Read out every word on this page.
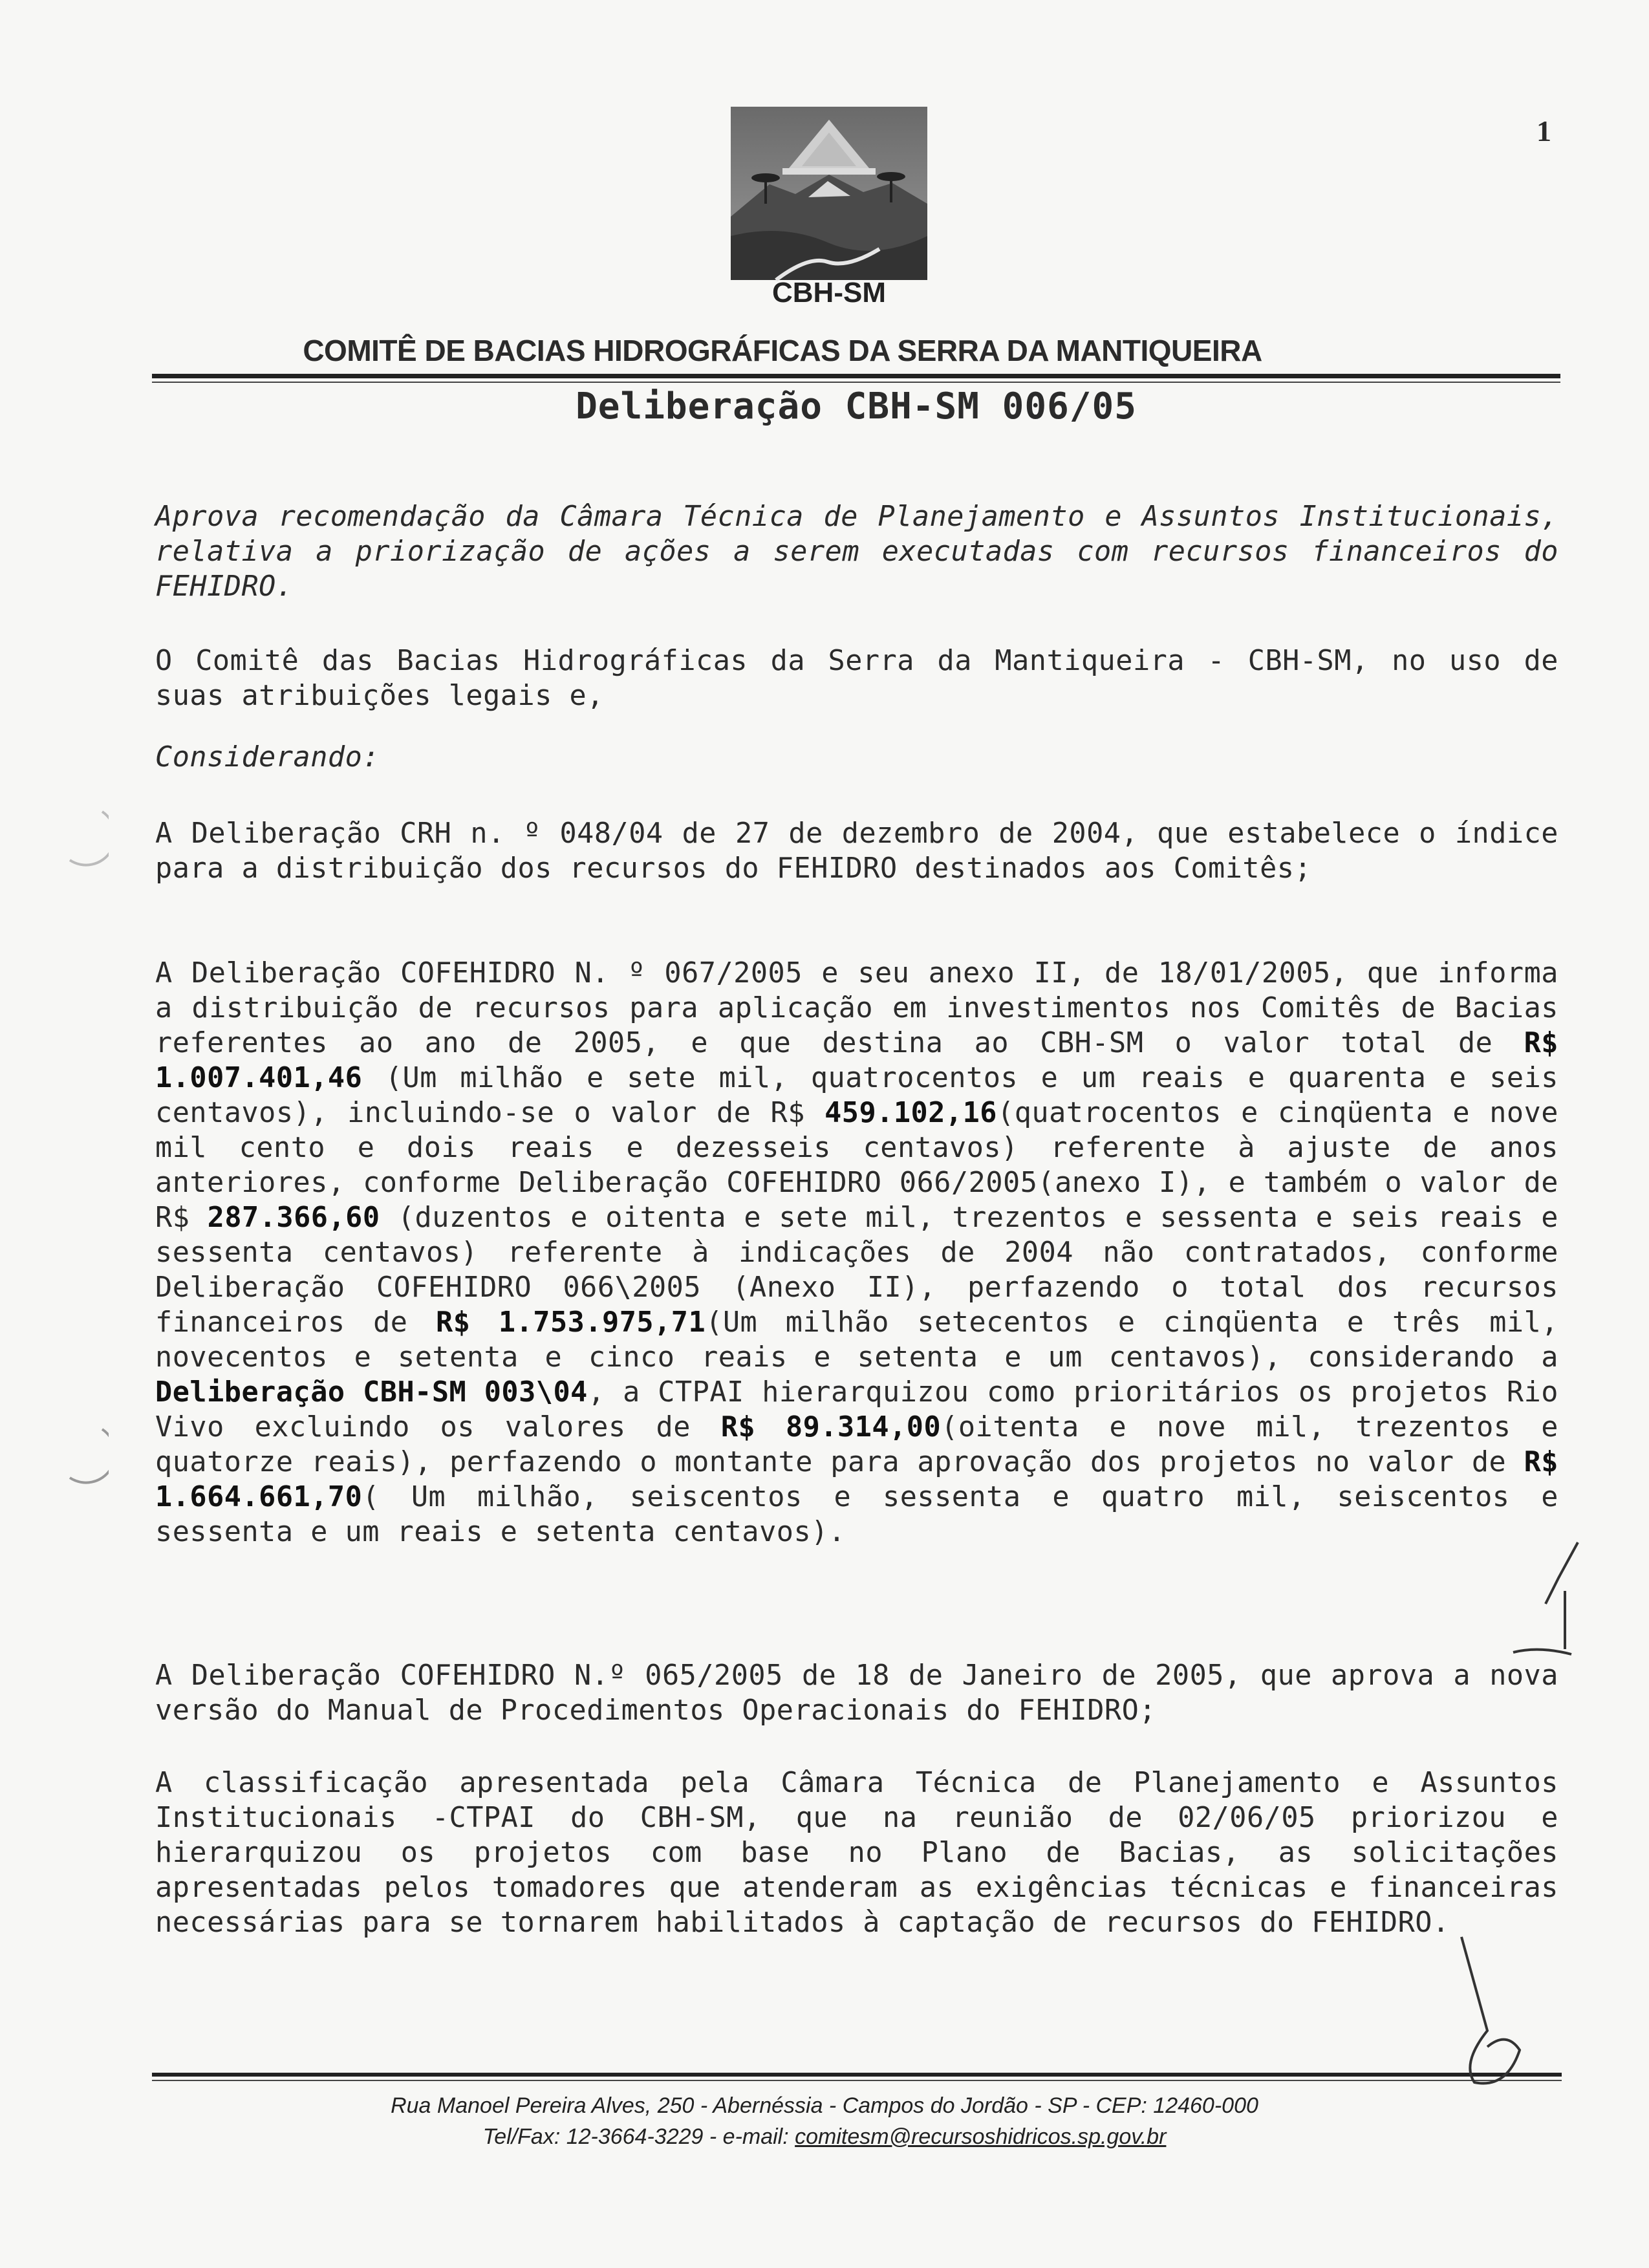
1
CBH-SM
COMITÊ DE BACIAS HIDROGRÁFICAS DA SERRA DA MANTIQUEIRA
Deliberação CBH-SM 006/05

Aprova recomendação da Câmara Técnica de Planejamento e Assuntos Institucionais, relativa a priorização de ações a serem executadas com recursos financeiros do FEHIDRO.

O Comitê das Bacias Hidrográficas da Serra da Mantiqueira - CBH-SM, no uso de suas atribuições legais e,

Considerando:

A Deliberação CRH n. º 048/04 de 27 de dezembro de 2004, que estabelece o índice para a distribuição dos recursos do FEHIDRO destinados aos Comitês;

A Deliberação COFEHIDRO N. º 067/2005 e seu anexo II, de 18/01/2005, que informa a distribuição de recursos para aplicação em investimentos nos Comitês de Bacias referentes ao ano de 2005, e que destina ao CBH-SM o valor total de R$ 1.007.401,46 (Um milhão e sete mil, quatrocentos e um reais e quarenta e seis centavos), incluindo-se o valor de R$ 459.102,16(quatrocentos e cinqüenta e nove mil cento e dois reais e dezesseis centavos) referente à ajuste de anos anteriores, conforme Deliberação COFEHIDRO 066/2005(anexo I), e também o valor de R$ 287.366,60 (duzentos e oitenta e sete mil, trezentos e sessenta e seis reais e sessenta centavos) referente à indicações de 2004 não contratados, conforme Deliberação COFEHIDRO 066\2005 (Anexo II), perfazendo o total dos recursos financeiros de R$ 1.753.975,71(Um milhão setecentos e cinqüenta e três mil, novecentos e setenta e cinco reais e setenta e um centavos), considerando a Deliberação CBH-SM 003\04, a CTPAI hierarquizou como prioritários os projetos Rio Vivo excluindo os valores de R$ 89.314,00(oitenta e nove mil, trezentos e quatorze reais), perfazendo o montante para aprovação dos projetos no valor de R$ 1.664.661,70( Um milhão, seiscentos e sessenta e quatro mil, seiscentos e sessenta e um reais e setenta centavos).

A Deliberação COFEHIDRO N.º 065/2005 de 18 de Janeiro de 2005, que aprova a nova versão do Manual de Procedimentos Operacionais do FEHIDRO;

A classificação apresentada pela Câmara Técnica de Planejamento e Assuntos Institucionais -CTPAI do CBH-SM, que na reunião de 02/06/05 priorizou e hierarquizou os projetos com base no Plano de Bacias, as solicitações apresentadas pelos tomadores que atenderam as exigências técnicas e financeiras necessárias para se tornarem habilitados à captação de recursos do FEHIDRO.

Rua Manoel Pereira Alves, 250 - Abernéssia - Campos do Jordão - SP - CEP: 12460-000
Tel/Fax: 12-3664-3229 - e-mail: comitesm@recursoshidricos.sp.gov.br
